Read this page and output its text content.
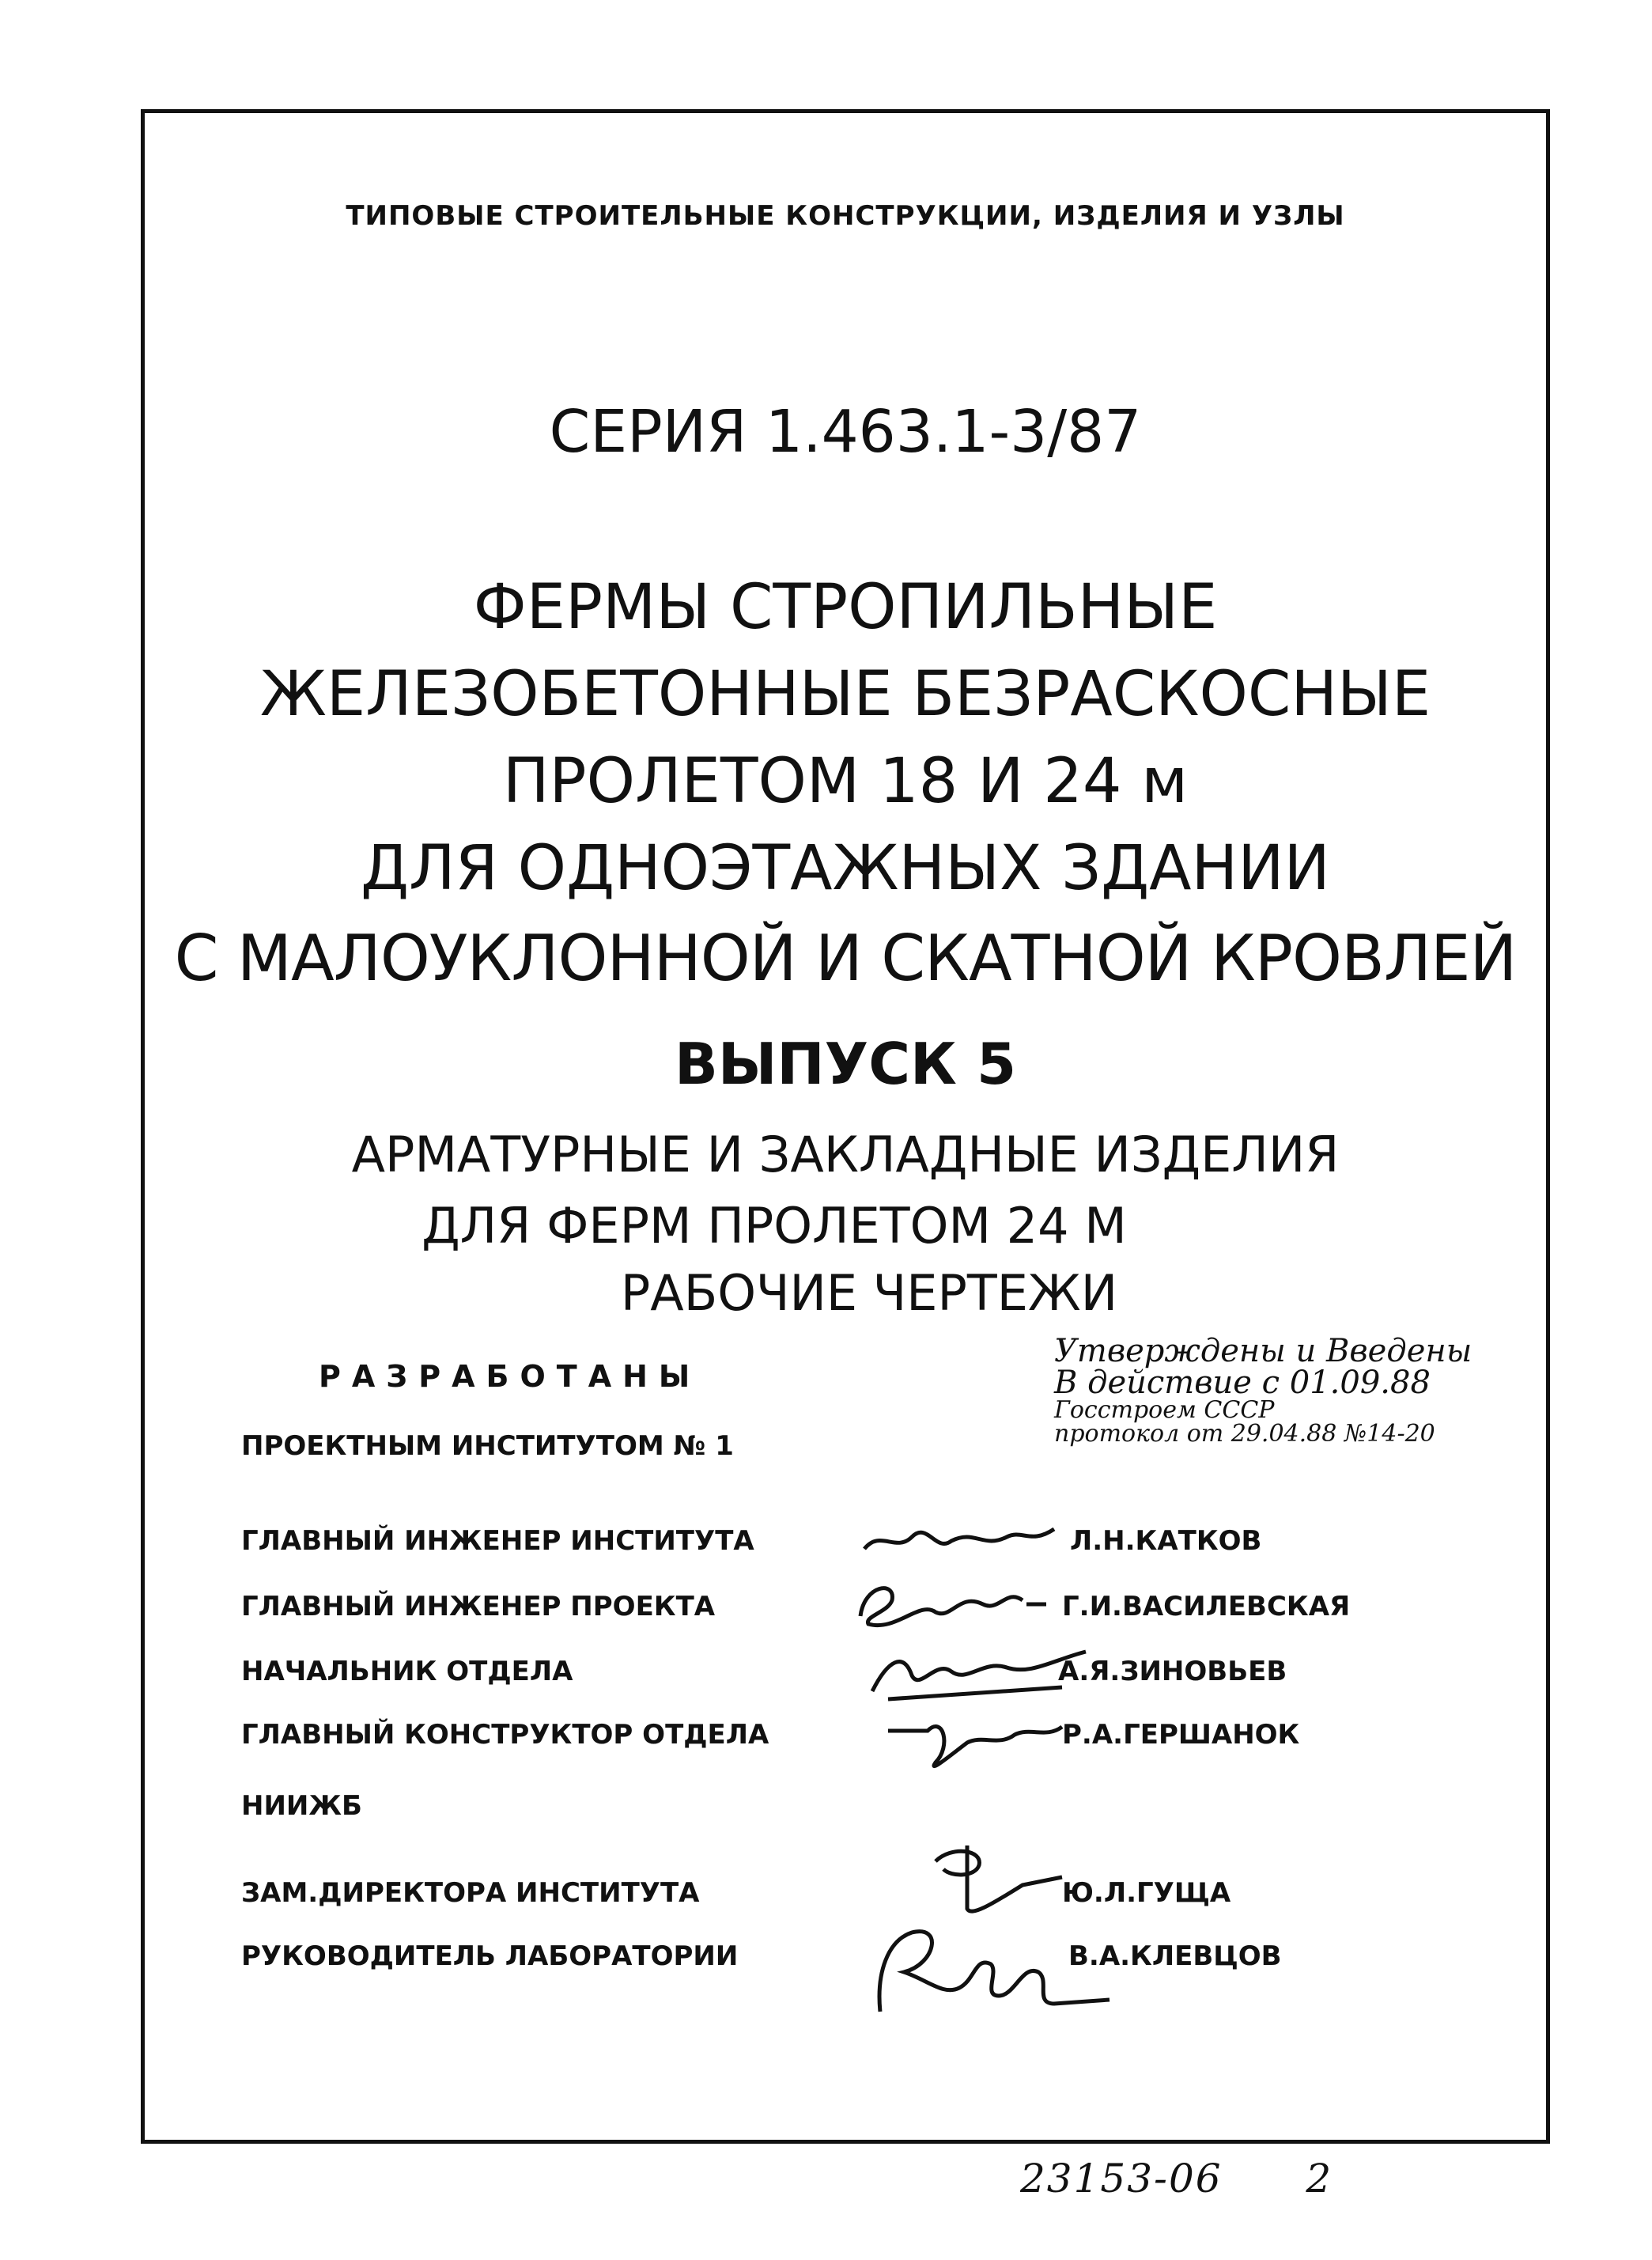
ТИПОВЫЕ СТРОИТЕЛЬНЫЕ КОНСТРУКЦИИ, ИЗДЕЛИЯ И УЗЛЫ
СЕРИЯ 1.463.1-3/87
ФЕРМЫ СТРОПИЛЬНЫЕ
ЖЕЛЕЗОБЕТОННЫЕ БЕЗРАСКОСНЫЕ
ПРОЛЕТОМ 18 И 24 м
ДЛЯ ОДНОЭТАЖНЫХ ЗДАНИИ
С МАЛОУКЛОННОЙ И СКАТНОЙ КРОВЛЕЙ
ВЫПУСК 5
АРМАТУРНЫЕ И ЗАКЛАДНЫЕ ИЗДЕЛИЯ
ДЛЯ ФЕРМ ПРОЛЕТОМ 24 М
РАБОЧИЕ ЧЕРТЕЖИ
РАЗРАБОТАНЫ
ПРОЕКТНЫМ ИНСТИТУТОМ № 1
Утверждены и Введены
В действие с 01.09.88
Госстроем СССР
протокол от 29.04.88 №14-20
ГЛАВНЫЙ ИНЖЕНЕР ИНСТИТУТА	Л.Н.КАТКОВ
ГЛАВНЫЙ ИНЖЕНЕР ПРОЕКТА	Г.И.ВАСИЛЕВСКАЯ
НАЧАЛЬНИК ОТДЕЛА	А.Я.ЗИНОВЬЕВ
ГЛАВНЫЙ КОНСТРУКТОР ОТДЕЛА	Р.А.ГЕРШАНОК
НИИЖБ
ЗАМ.ДИРЕКТОРА ИНСТИТУТА	Ю.Л.ГУЩА
РУКОВОДИТЕЛЬ ЛАБОРАТОРИИ	В.А.КЛЕВЦОВ
23153-06 2
